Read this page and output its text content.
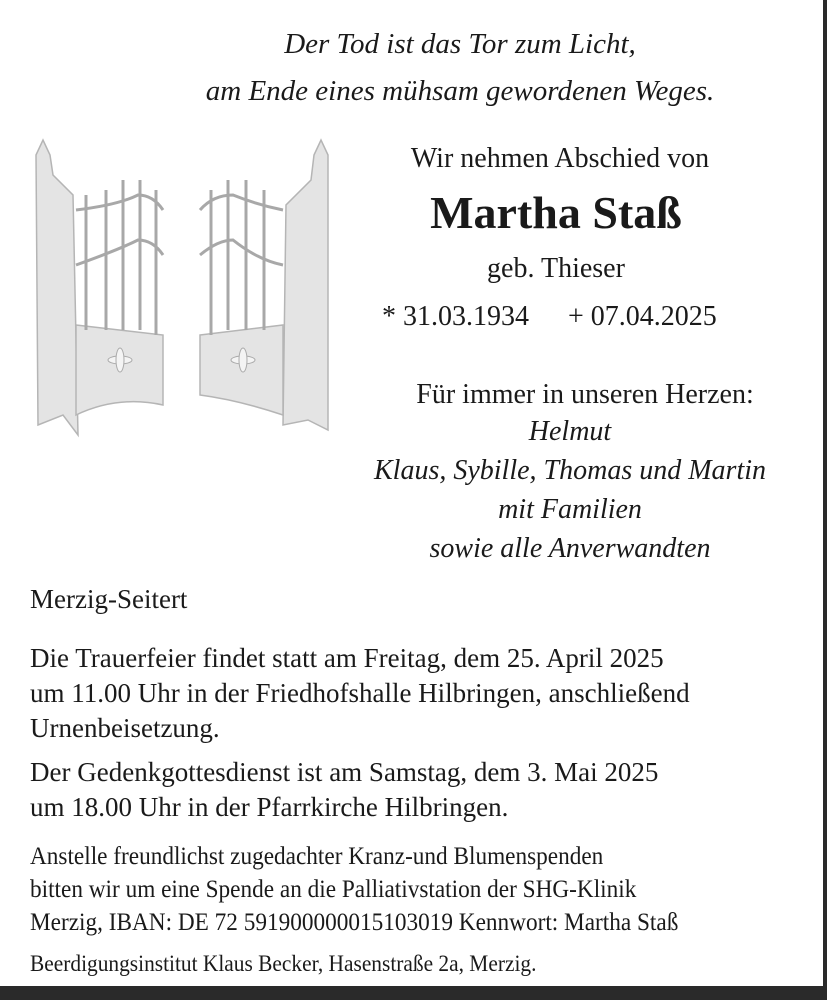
Der Tod ist das Tor zum Licht,
am Ende eines mühsam gewordenen Weges.
Wir nehmen Abschied von
Martha Staß
geb. Thieser
* 31.03.1934 + 07.04.2025
Für immer in unseren Herzen:
Helmut
Klaus, Sybille, Thomas und Martin
mit Familien
sowie alle Anverwandten
Merzig-Seitert
Die Trauerfeier findet statt am Freitag, dem 25. April 2025
um 11.00 Uhr in der Friedhofshalle Hilbringen, anschließend
Urnenbeisetzung.
Der Gedenkgottesdienst ist am Samstag, dem 3. Mai 2025
um 18.00 Uhr in der Pfarrkirche Hilbringen.
Anstelle freundlichst zugedachter Kranz-und Blumenspenden
bitten wir um eine Spende an die Palliativstation der SHG-Klinik
Merzig, IBAN: DE 72 591900000015103019 Kennwort: Martha Staß
Beerdigungsinstitut Klaus Becker, Hasenstraße 2a, Merzig.
